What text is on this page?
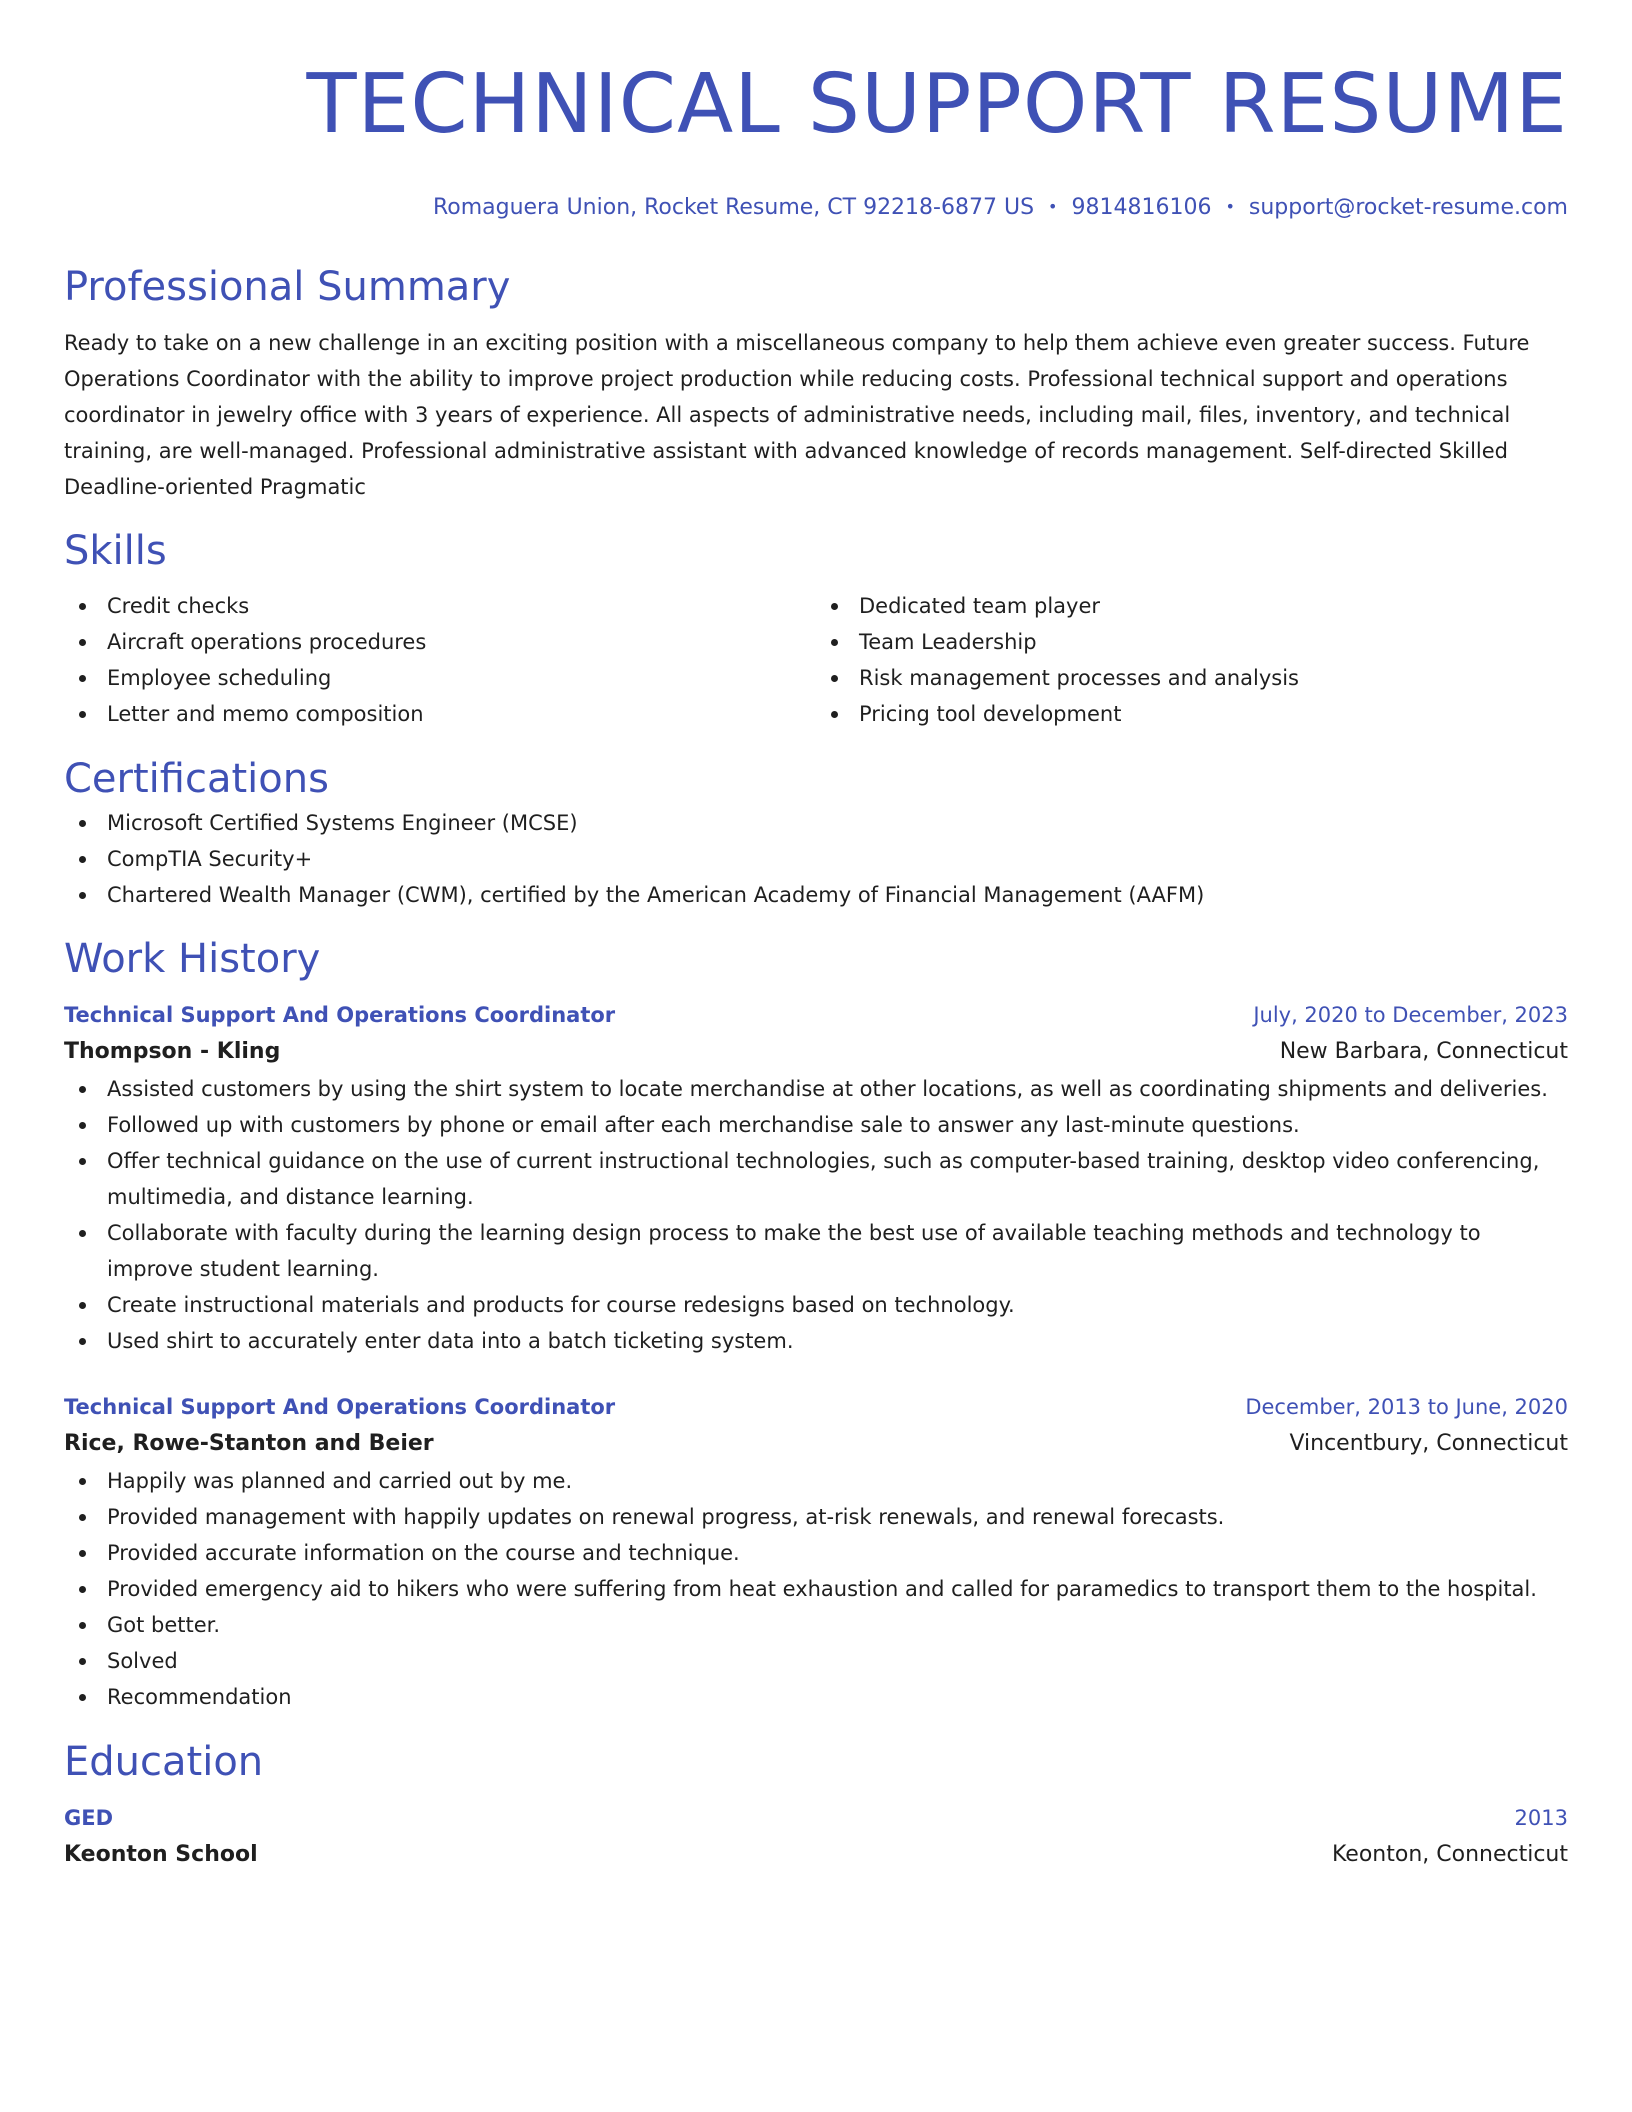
TECHNICAL SUPPORT RESUME
Romaguera Union, Rocket Resume, CT 92218-6877 US • 9814816106 • support@rocket-resume.com
Professional Summary

Ready to take on a new challenge in an exciting position with a miscellaneous company to help them achieve even greater success. Future Operations Coordinator with the ability to improve project production while reducing costs. Professional technical support and operations coordinator in jewelry office with 3 years of experience. All aspects of administrative needs, including mail, files, inventory, and technical training, are well-managed. Professional administrative assistant with advanced knowledge of records management. Self-directed Skilled Deadline-oriented Pragmatic

Skills
Credit checks
Aircraft operations procedures
Employee scheduling
Letter and memo composition
Dedicated team player
Team Leadership
Risk management processes and analysis
Pricing tool development
Certifications
Microsoft Certified Systems Engineer (MCSE)
CompTIA Security+
Chartered Wealth Manager (CWM), certified by the American Academy of Financial Management (AAFM)
Work History
Technical Support And Operations Coordinator	July, 2020 to December, 2023
Thompson - Kling	New Barbara, Connecticut
Assisted customers by using the shirt system to locate merchandise at other locations, as well as coordinating shipments and deliveries.
Followed up with customers by phone or email after each merchandise sale to answer any last-minute questions.
Offer technical guidance on the use of current instructional technologies, such as computer-based training, desktop video conferencing, multimedia, and distance learning.
Collaborate with faculty during the learning design process to make the best use of available teaching methods and technology to improve student learning.
Create instructional materials and products for course redesigns based on technology.
Used shirt to accurately enter data into a batch ticketing system.
Technical Support And Operations Coordinator	December, 2013 to June, 2020
Rice, Rowe-Stanton and Beier	Vincentbury, Connecticut
Happily was planned and carried out by me.
Provided management with happily updates on renewal progress, at-risk renewals, and renewal forecasts.
Provided accurate information on the course and technique.
Provided emergency aid to hikers who were suffering from heat exhaustion and called for paramedics to transport them to the hospital.
Got better.
Solved
Recommendation
Education
GED	2013
Keonton School	Keonton, Connecticut
